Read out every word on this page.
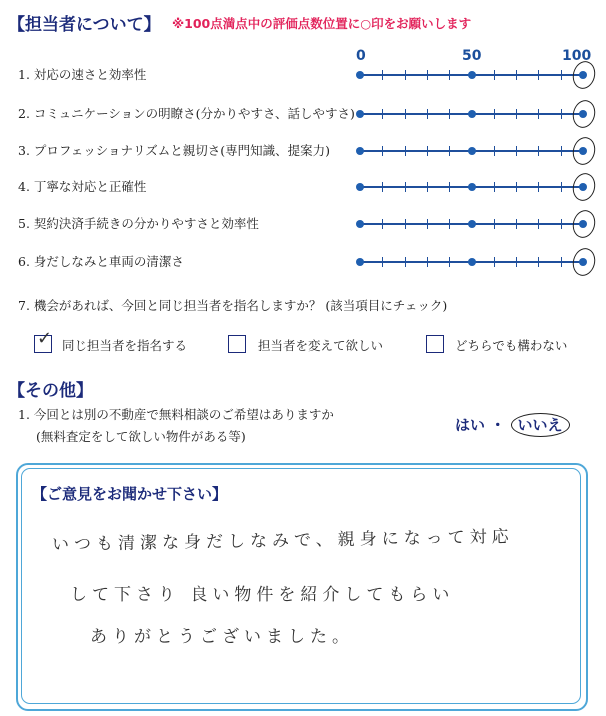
【担当者について】 ※100点満点中の評価点数位置に○印をお願いします
0	50	100
1. 対応の速さと効率性
2. コミュニケーションの明瞭さ(分かりやすさ、話しやすさ)
3. プロフェッショナリズムと親切さ(専門知識、提案力)
4. 丁寧な対応と正確性
5. 契約決済手続きの分かりやすさと効率性
6. 身だしなみと車両の清潔さ
7. 機会があれば、今回と同じ担当者を指名しますか？ (該当項目にチェック)
✓ 同じ担当者を指名する	担当者を変えて欲しい	どちらでも構わない
【その他】
1. 今回とは別の不動産で無料相談のご希望はありますか
(無料査定をして欲しい物件がある等)
はい ・ いいえ
【ご意見をお聞かせ下さい】
いつも清潔な身だしなみで、親身になって対応
して下さり 良い物件を紹介してもらい
ありがとうございました。
